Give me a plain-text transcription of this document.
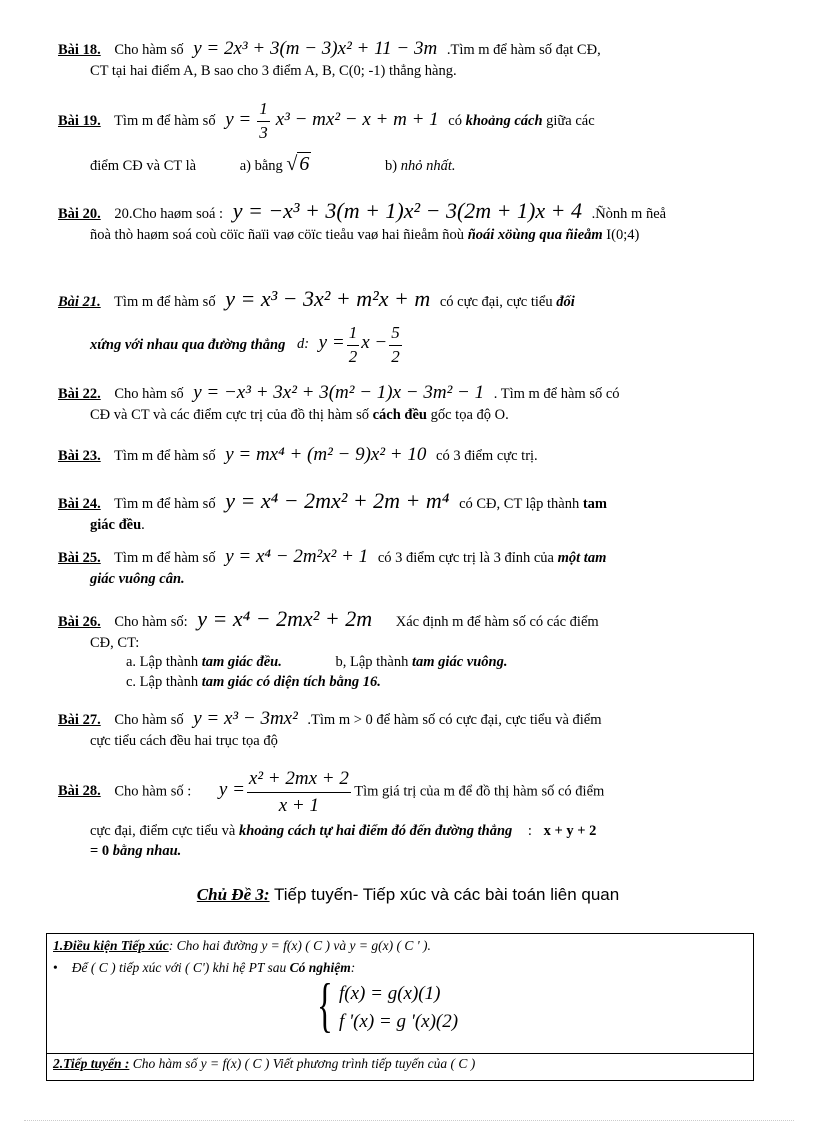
Bài 18. Cho hàm số y = 2x³ + 3(m − 3)x² + 11 − 3m .Tìm m để hàm số đạt CĐ,
CT tại hai điểm A, B sao cho 3 điểm A, B, C(0; -1) thẳng hàng.
Bài 19. Tìm m để hàm số $y = \frac{1}{3} x^3 - mx^2 - x + m + 1$ có khoảng cách giữa các
điểm CĐ và CT là	a) bằng √ 6	b) nhỏ nhất.
Bài 20. 20.Cho haøm soá : y = −x³ + 3(m + 1)x² − 3(2m + 1)x + 4 .Ñònh m ñeå
ñoà thò haøm soá coù cöïc ñaïi vaø cöïc tieåu vaø hai ñieåm ñoù ñoái xöùng qua ñieåm I(0;4)
Bài 21. Tìm m để hàm số y = x³ − 3x² + m²x + m có cực đại, cực tiểu đối
xứng với nhau qua đường thẳng d: $y = \frac{1}{2}$ $x - \frac{5}{2}$
Bài 22. Cho hàm số y = −x³ + 3x² + 3(m² − 1)x − 3m² − 1 . Tìm m để hàm số có
CĐ và CT và các điểm cực trị của đồ thị hàm số cách đều gốc tọa độ O.
Bài 23. Tìm m để hàm số y = mx⁴ + (m² − 9)x² + 10 có 3 điểm cực trị.
Bài 24. Tìm m để hàm số y = x⁴ − 2mx² + 2m + m⁴ có CĐ, CT lập thành tam
giác đều.
Bài 25. Tìm m để hàm số y = x⁴ − 2m²x² + 1 có 3 điểm cực trị là 3 đỉnh của một tam
giác vuông cân.
Bài 26. Cho hàm số: y = x⁴ − 2mx² + 2m Xác định m để hàm số có các điểm
CĐ, CT:
a. Lập thành tam giác đều.	b, Lập thành tam giác vuông.
c. Lập thành tam giác có diện tích bằng 16.
Bài 27. Cho hàm số y = x³ − 3mx² .Tìm m > 0 để hàm số có cực đại, cực tiểu và điểm
cực tiểu cách đều hai trục tọa độ
Bài 28. Cho hàm số : $y = \frac{\text{x² + 2mx + 2}}{x + 1}$ Tìm giá trị của m để đồ thị hàm số có điểm
cực đại, điểm cực tiểu và khoảng cách tự hai điểm đó đến đường thẳng : x + y + 2
= 0 bằng nhau.
Chủ Đề 3: Tiếp tuyến- Tiếp xúc và các bài toán liên quan
1.Điều kiện Tiếp xúc: Cho hai đường y = f(x) ( C ) và y = g(x) ( C ' ).
• Để ( C ) tiếp xúc với ( C') khi hệ PT sau Có nghiệm:
{ f(x) = g(x)(1)
f '(x) = g '(x)(2)
2.Tiếp tuyến : Cho hàm số y = f(x) ( C ) Viết phương trình tiếp tuyến của ( C )
